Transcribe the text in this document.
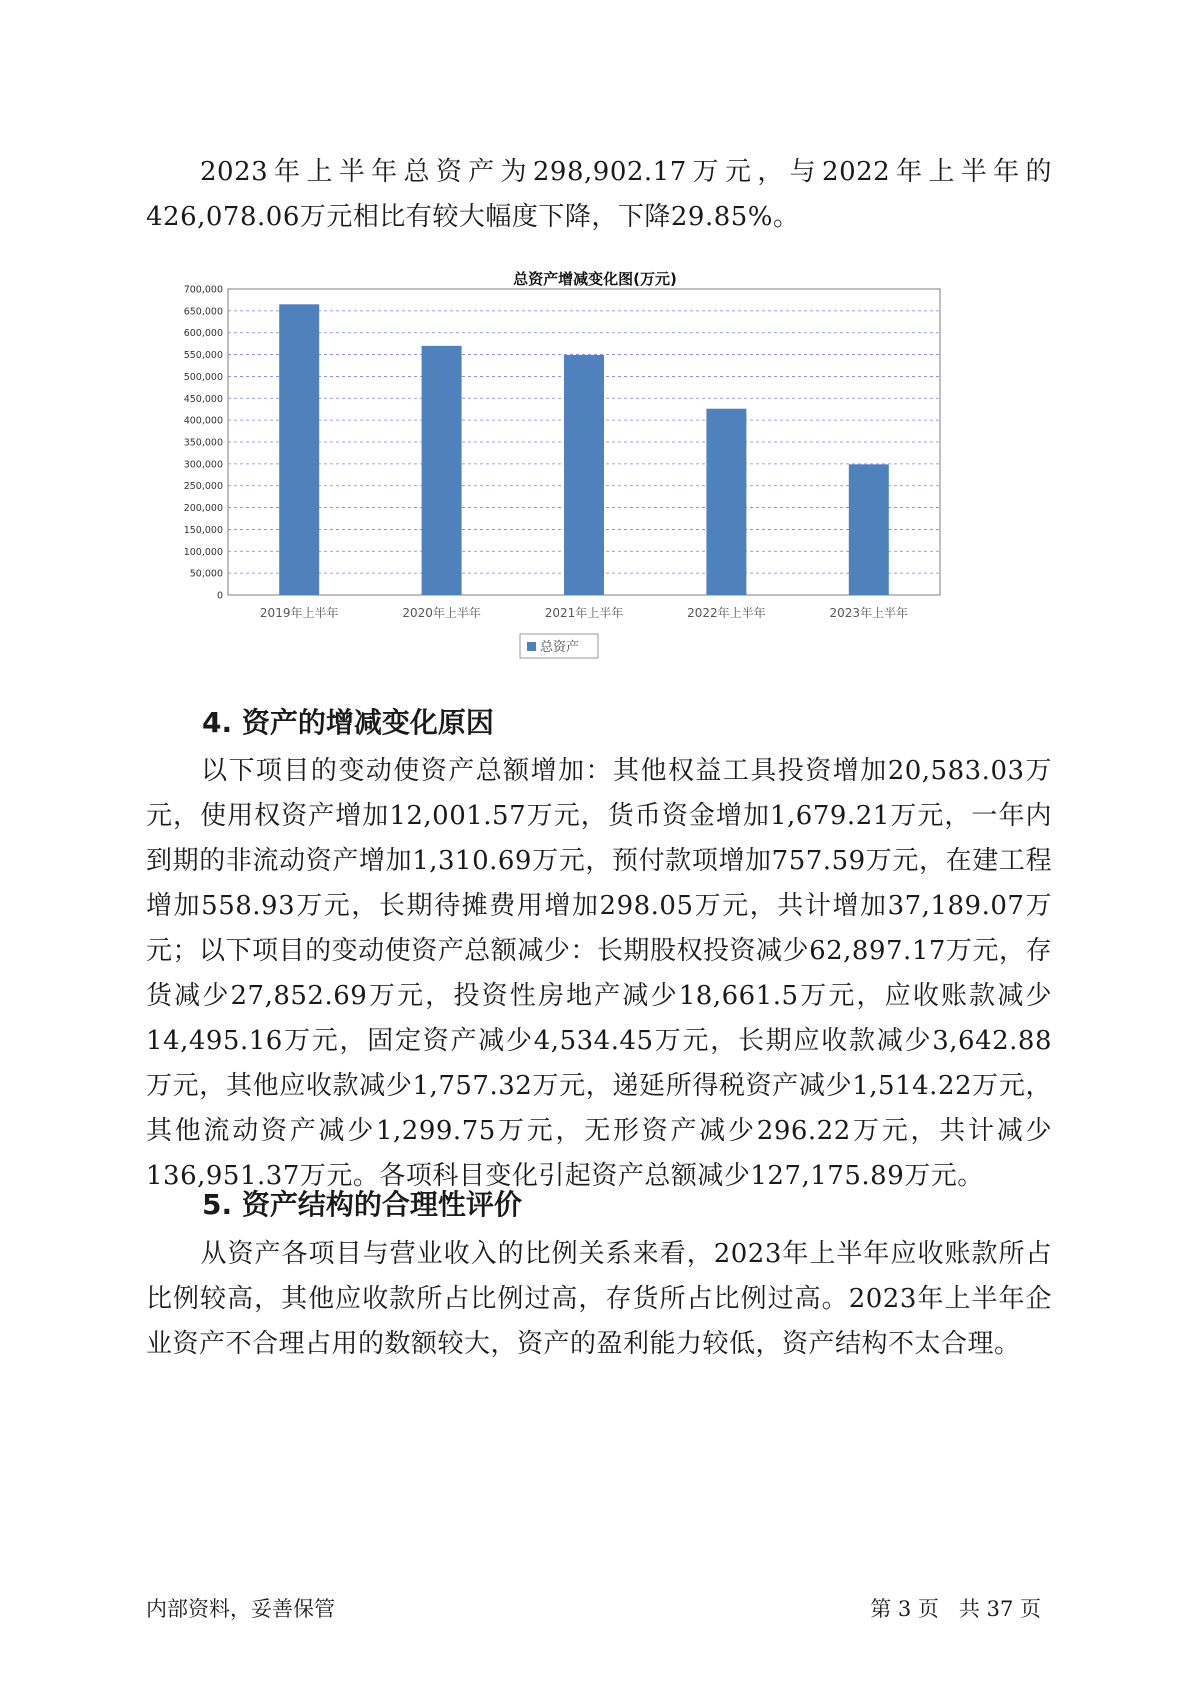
2023年上半年总资产为298,902.17万元，与2022年上半年的426,078.06万元相比有较大幅度下降，下降29.85%。
总资产增减变化图(万元)
0
50,000
100,000
150,000
200,000
250,000
300,000
350,000
400,000
450,000
500,000
550,000
600,000
650,000
700,000
2019年上半年	2020年上半年	2021年上半年	2022年上半年	2023年上半年
总资产
4. 资产的增减变化原因
以下项目的变动使资产总额增加：其他权益工具投资增加20,583.03万元，使用权资产增加12,001.57万元，货币资金增加1,679.21万元，一年内到期的非流动资产增加1,310.69万元，预付款项增加757.59万元，在建工程增加558.93万元，长期待摊费用增加298.05万元，共计增加37,189.07万元；以下项目的变动使资产总额减少：长期股权投资减少62,897.17万元，存货减少27,852.69万元，投资性房地产减少18,661.5万元，应收账款减少14,495.16万元，固定资产减少4,534.45万元，长期应收款减少3,642.88万元，其他应收款减少1,757.32万元，递延所得税资产减少1,514.22万元，其他流动资产减少1,299.75万元，无形资产减少296.22万元，共计减少136,951.37万元。各项科目变化引起资产总额减少127,175.89万元。
5. 资产结构的合理性评价
从资产各项目与营业收入的比例关系来看，2023年上半年应收账款所占比例较高，其他应收款所占比例过高，存货所占比例过高。2023年上半年企业资产不合理占用的数额较大，资产的盈利能力较低，资产结构不太合理。
内部资料，妥善保管	第 3 页   共 37 页
